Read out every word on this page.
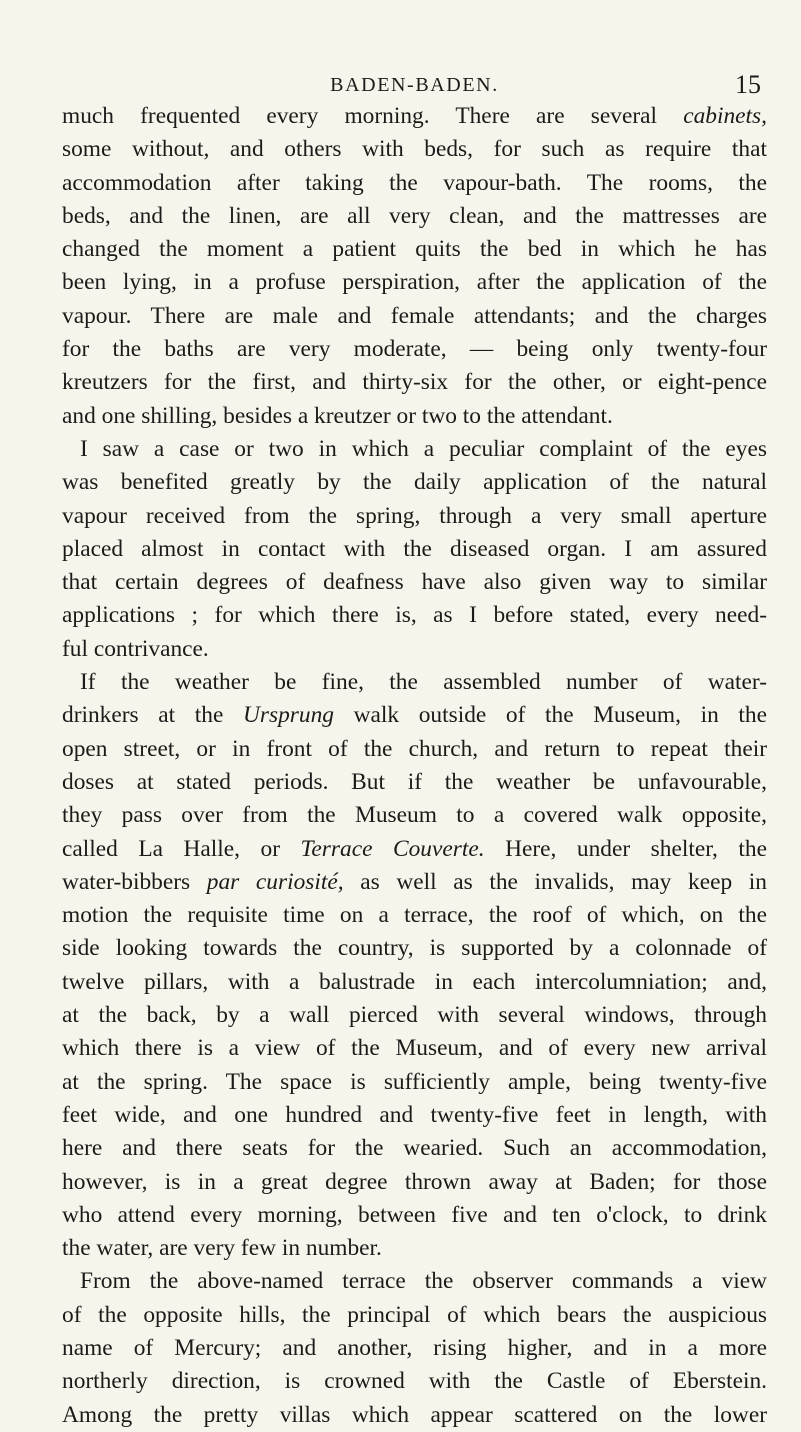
BADEN-BADEN.	15
much frequented every morning. There are several cabinets,
some without, and others with beds, for such as require that
accommodation after taking the vapour-bath. The rooms, the
beds, and the linen, are all very clean, and the mattresses are
changed the moment a patient quits the bed in which he has
been lying, in a profuse perspiration, after the application of the
vapour. There are male and female attendants; and the charges
for the baths are very moderate, — being only twenty-four
kreutzers for the first, and thirty-six for the other, or eight-pence
and one shilling, besides a kreutzer or two to the attendant.
I saw a case or two in which a peculiar complaint of the eyes
was benefited greatly by the daily application of the natural
vapour received from the spring, through a very small aperture
placed almost in contact with the diseased organ. I am assured
that certain degrees of deafness have also given way to similar
applications ; for which there is, as I before stated, every need-
ful contrivance.
If the weather be fine, the assembled number of water-
drinkers at the Ursprung walk outside of the Museum, in the
open street, or in front of the church, and return to repeat their
doses at stated periods. But if the weather be unfavourable,
they pass over from the Museum to a covered walk opposite,
called La Halle, or Terrace Couverte. Here, under shelter, the
water-bibbers par curiosité, as well as the invalids, may keep in
motion the requisite time on a terrace, the roof of which, on the
side looking towards the country, is supported by a colonnade of
twelve pillars, with a balustrade in each intercolumniation; and,
at the back, by a wall pierced with several windows, through
which there is a view of the Museum, and of every new arrival
at the spring. The space is sufficiently ample, being twenty-five
feet wide, and one hundred and twenty-five feet in length, with
here and there seats for the wearied. Such an accommodation,
however, is in a great degree thrown away at Baden; for those
who attend every morning, between five and ten o'clock, to drink
the water, are very few in number.
From the above-named terrace the observer commands a view
of the opposite hills, the principal of which bears the auspicious
name of Mercury; and another, rising higher, and in a more
northerly direction, is crowned with the Castle of Eberstein.
Among the pretty villas which appear scattered on the lower
